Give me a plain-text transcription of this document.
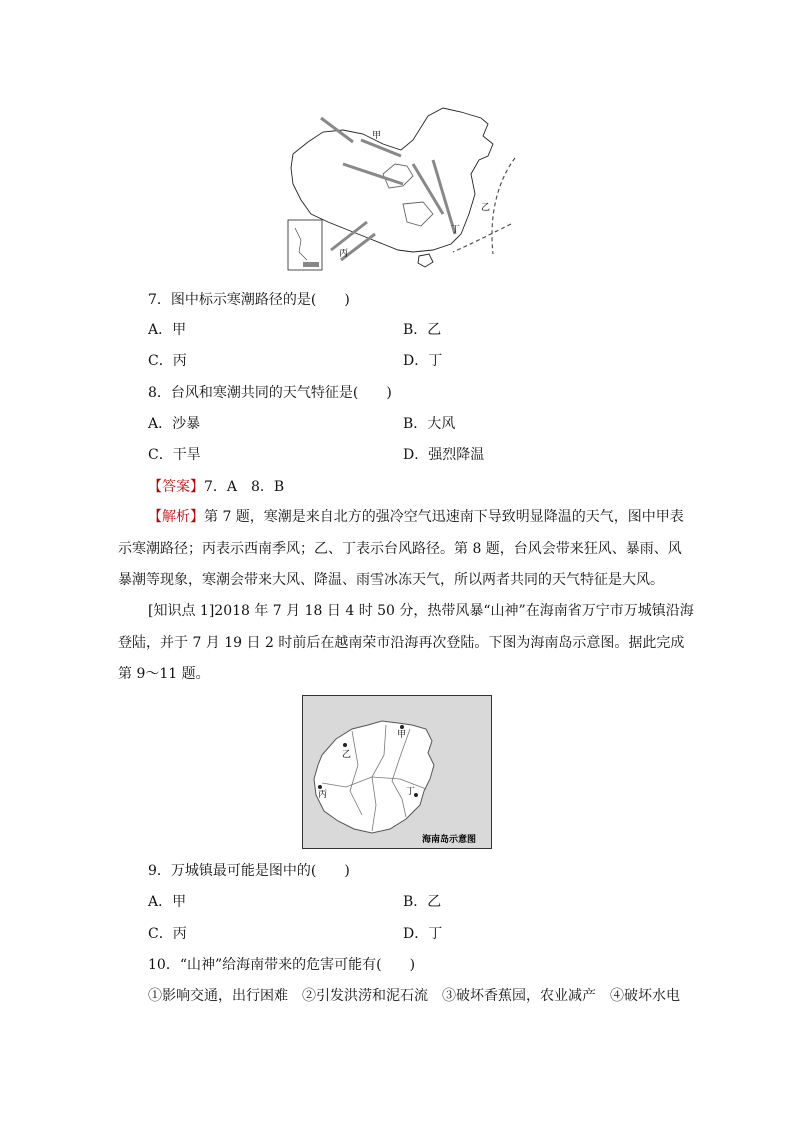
甲
乙
丙
丁
7．图中标示寒潮路径的是(　　)
A．甲	B．乙
C．丙	D．丁
8．台风和寒潮共同的天气特征是(　　)
A．沙暴	B．大风
C．干旱	D．强烈降温
【答案】7．A　8．B
【解析】第 7 题，寒潮是来自北方的强冷空气迅速南下导致明显降温的天气，图中甲表
示寒潮路径；丙表示西南季风；乙、丁表示台风路径。第 8 题，台风会带来狂风、暴雨、风
暴潮等现象，寒潮会带来大风、降温、雨雪冰冻天气，所以两者共同的天气特征是大风。
[知识点 1]2018 年 7 月 18 日 4 时 50 分，热带风暴“山神”在海南省万宁市万城镇沿海
登陆，并于 7 月 19 日 2 时前后在越南荣市沿海再次登陆。下图为海南岛示意图。据此完成
第 9～11 题。
甲
乙
丙	丁
海南岛示意图
9．万城镇最可能是图中的(　　)
A．甲	B．乙
C．丙	D．丁
10．“山神”给海南带来的危害可能有(　　)
①影响交通，出行困难　②引发洪涝和泥石流　③破坏香蕉园，农业减产　④破坏水电
